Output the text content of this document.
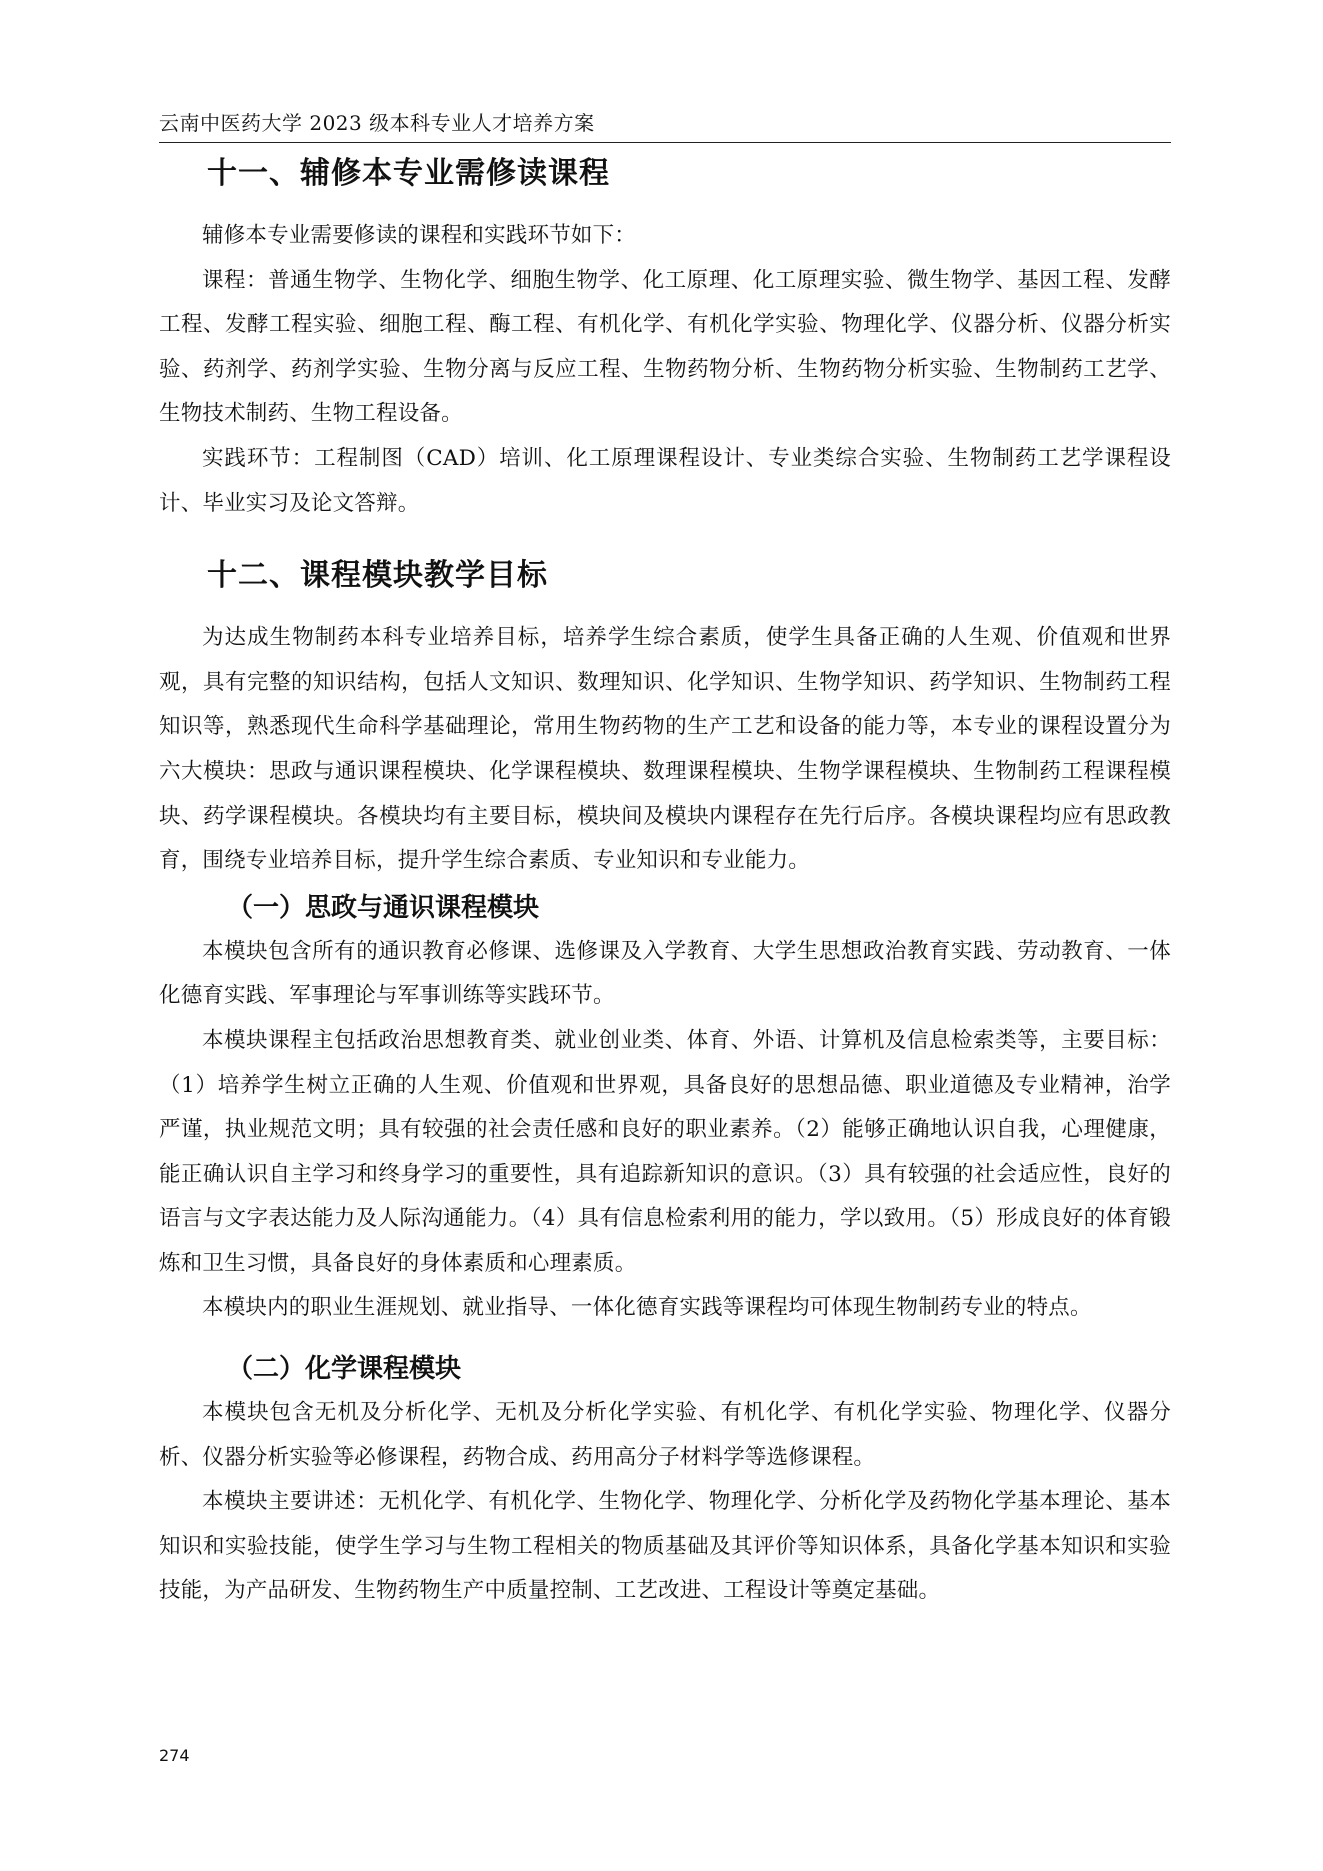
云南中医药大学 2023 级本科专业人才培养方案
十一、辅修本专业需修读课程

辅修本专业需要修读的课程和实践环节如下：

课程：普通生物学、生物化学、细胞生物学、化工原理、化工原理实验、微生物学、基因工程、发酵工程、发酵工程实验、细胞工程、酶工程、有机化学、有机化学实验、物理化学、仪器分析、仪器分析实验、药剂学、药剂学实验、生物分离与反应工程、生物药物分析、生物药物分析实验、生物制药工艺学、生物技术制药、生物工程设备。

实践环节：工程制图（CAD）培训、化工原理课程设计、专业类综合实验、生物制药工艺学课程设计、毕业实习及论文答辩。

十二、课程模块教学目标

为达成生物制药本科专业培养目标，培养学生综合素质，使学生具备正确的人生观、价值观和世界观，具有完整的知识结构，包括人文知识、数理知识、化学知识、生物学知识、药学知识、生物制药工程知识等，熟悉现代生命科学基础理论，常用生物药物的生产工艺和设备的能力等，本专业的课程设置分为六大模块：思政与通识课程模块、化学课程模块、数理课程模块、生物学课程模块、生物制药工程课程模块、药学课程模块。各模块均有主要目标，模块间及模块内课程存在先行后序。各模块课程均应有思政教育，围绕专业培养目标，提升学生综合素质、专业知识和专业能力。

（一）思政与通识课程模块

本模块包含所有的通识教育必修课、选修课及入学教育、大学生思想政治教育实践、劳动教育、一体化德育实践、军事理论与军事训练等实践环节。

本模块课程主包括政治思想教育类、就业创业类、体育、外语、计算机及信息检索类等，主要目标：（1）培养学生树立正确的人生观、价值观和世界观，具备良好的思想品德、职业道德及专业精神，治学严谨，执业规范文明；具有较强的社会责任感和良好的职业素养。（2）能够正确地认识自我，心理健康，能正确认识自主学习和终身学习的重要性，具有追踪新知识的意识。（3）具有较强的社会适应性，良好的语言与文字表达能力及人际沟通能力。（4）具有信息检索利用的能力，学以致用。（5）形成良好的体育锻炼和卫生习惯，具备良好的身体素质和心理素质。

本模块内的职业生涯规划、就业指导、一体化德育实践等课程均可体现生物制药专业的特点。

（二）化学课程模块

本模块包含无机及分析化学、无机及分析化学实验、有机化学、有机化学实验、物理化学、仪器分析、仪器分析实验等必修课程，药物合成、药用高分子材料学等选修课程。

本模块主要讲述：无机化学、有机化学、生物化学、物理化学、分析化学及药物化学基本理论、基本知识和实验技能，使学生学习与生物工程相关的物质基础及其评价等知识体系，具备化学基本知识和实验技能，为产品研发、生物药物生产中质量控制、工艺改进、工程设计等奠定基础。

274
